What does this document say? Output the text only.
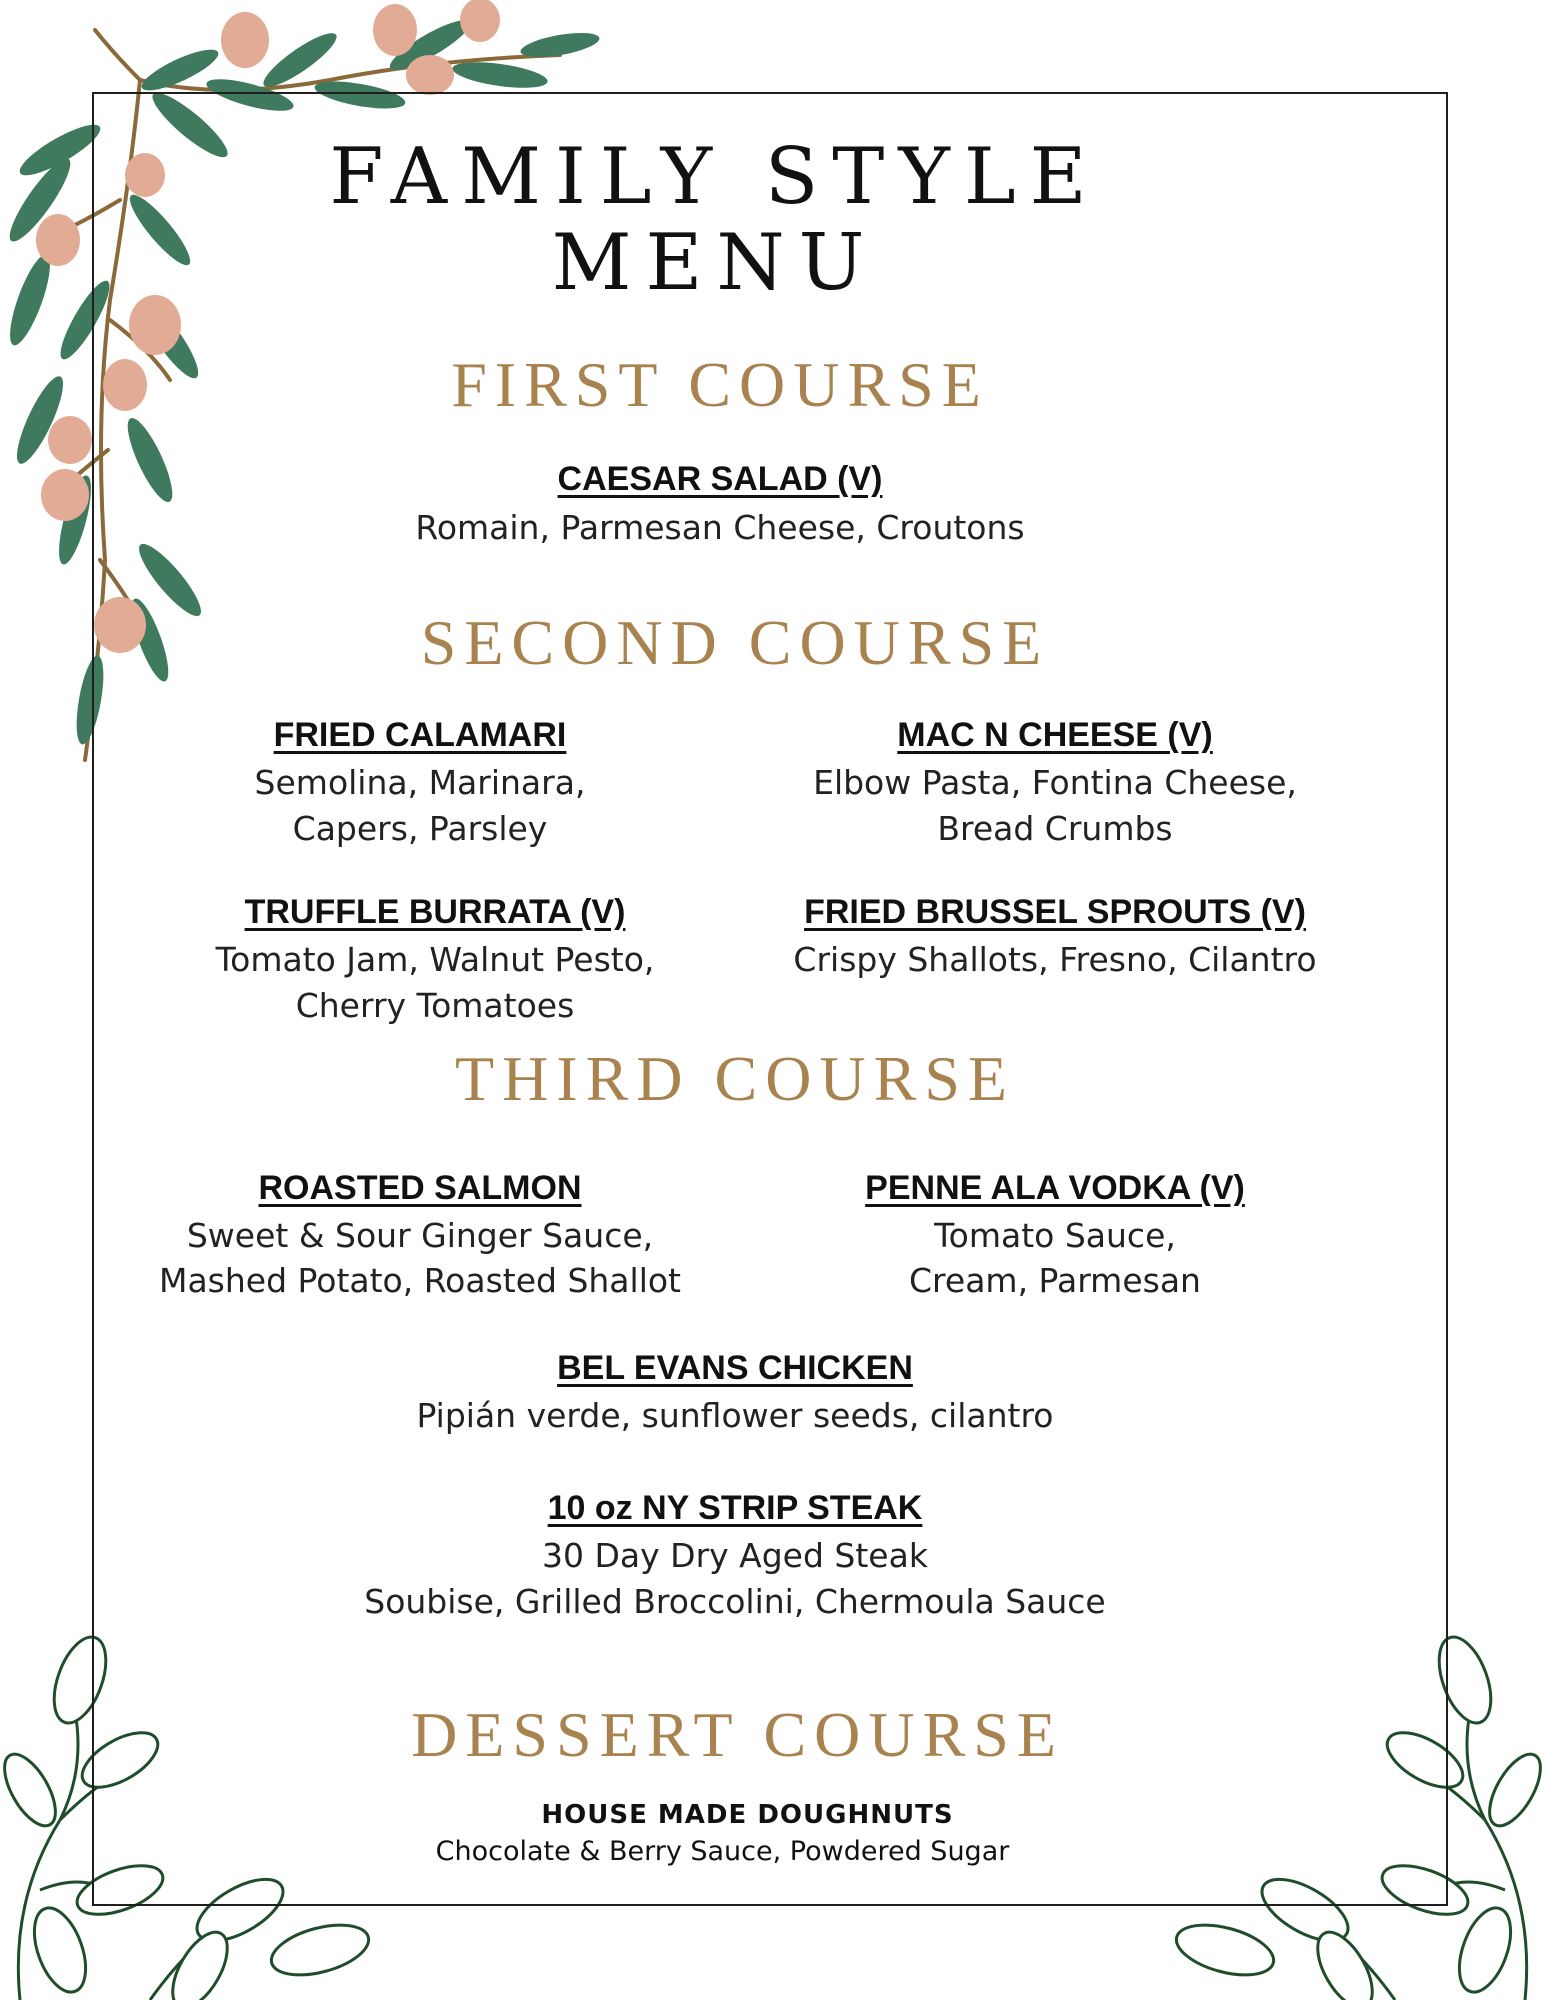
FAMILY STYLE
MENU
FIRST COURSE
CAESAR SALAD (V)
Romain, Parmesan Cheese, Croutons
SECOND COURSE
FRIED CALAMARI
Semolina, Marinara,
Capers, Parsley
MAC N CHEESE (V)
Elbow Pasta, Fontina Cheese,
Bread Crumbs
TRUFFLE BURRATA (V)
Tomato Jam, Walnut Pesto,
Cherry Tomatoes
FRIED BRUSSEL SPROUTS (V)
Crispy Shallots, Fresno, Cilantro
THIRD COURSE
ROASTED SALMON
Sweet & Sour Ginger Sauce,
Mashed Potato, Roasted Shallot
PENNE ALA VODKA (V)
Tomato Sauce,
Cream, Parmesan
BEL EVANS CHICKEN
Pipián verde, sunflower seeds, cilantro
10 oz NY STRIP STEAK
30 Day Dry Aged Steak
Soubise, Grilled Broccolini, Chermoula Sauce
DESSERT COURSE
HOUSE MADE DOUGHNUTS
Chocolate & Berry Sauce, Powdered Sugar
